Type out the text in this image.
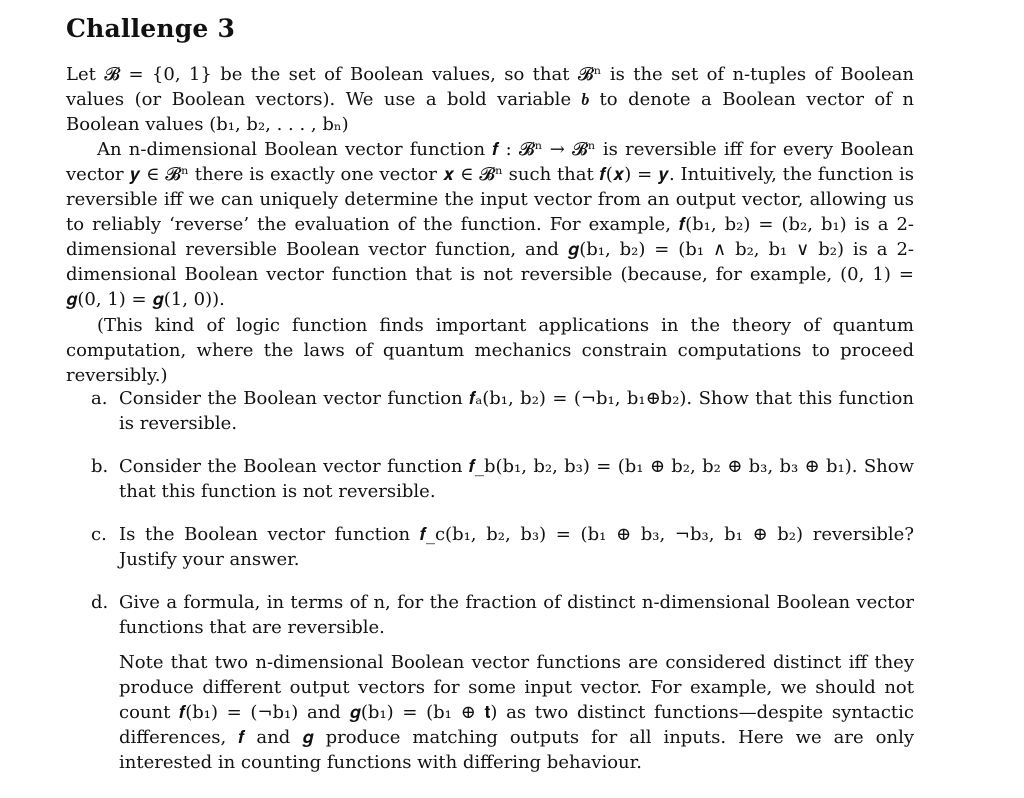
Challenge 3
Let 𝓑 = {0, 1} be the set of Boolean values, so that 𝓑ⁿ is the set of n-tuples of Boolean values (or Boolean vectors). We use a bold variable 𝒃 to denote a Boolean vector of n Boolean values (b₁, b₂, . . . , bₙ)
An n-dimensional Boolean vector function 𝒇 : 𝓑ⁿ → 𝓑ⁿ is reversible iff for every Boolean vector 𝒚 ∈ 𝓑ⁿ there is exactly one vector 𝒙 ∈ 𝓑ⁿ such that 𝒇(𝒙) = 𝒚. Intuitively, the function is reversible iff we can uniquely determine the input vector from an output vector, allowing us to reliably ‘reverse’ the evaluation of the function. For example, 𝒇(b₁, b₂) = (b₂, b₁) is a 2-dimensional reversible Boolean vector function, and 𝒈(b₁, b₂) = (b₁ ∧ b₂, b₁ ∨ b₂) is a 2-dimensional Boolean vector function that is not reversible (because, for example, (0, 1) = 𝒈(0, 1) = 𝒈(1, 0)).
(This kind of logic function finds important applications in the theory of quantum computation, where the laws of quantum mechanics constrain computations to proceed reversibly.)
a. Consider the Boolean vector function 𝒇ₐ(b₁, b₂) = (¬b₁, b₁⊕b₂). Show that this function is reversible.
b. Consider the Boolean vector function 𝒇_b(b₁, b₂, b₃) = (b₁ ⊕ b₂, b₂ ⊕ b₃, b₃ ⊕ b₁). Show that this function is not reversible.
c. Is the Boolean vector function 𝒇_c(b₁, b₂, b₃) = (b₁ ⊕ b₃, ¬b₃, b₁ ⊕ b₂) reversible? Justify your answer.
d. Give a formula, in terms of n, for the fraction of distinct n-dimensional Boolean vector functions that are reversible.
Note that two n-dimensional Boolean vector functions are considered distinct iff they produce different output vectors for some input vector. For example, we should not count 𝒇(b₁) = (¬b₁) and 𝒈(b₁) = (b₁ ⊕ 𝐭) as two distinct functions—despite syntactic differences, 𝒇 and 𝒈 produce matching outputs for all inputs. Here we are only interested in counting functions with differing behaviour.
